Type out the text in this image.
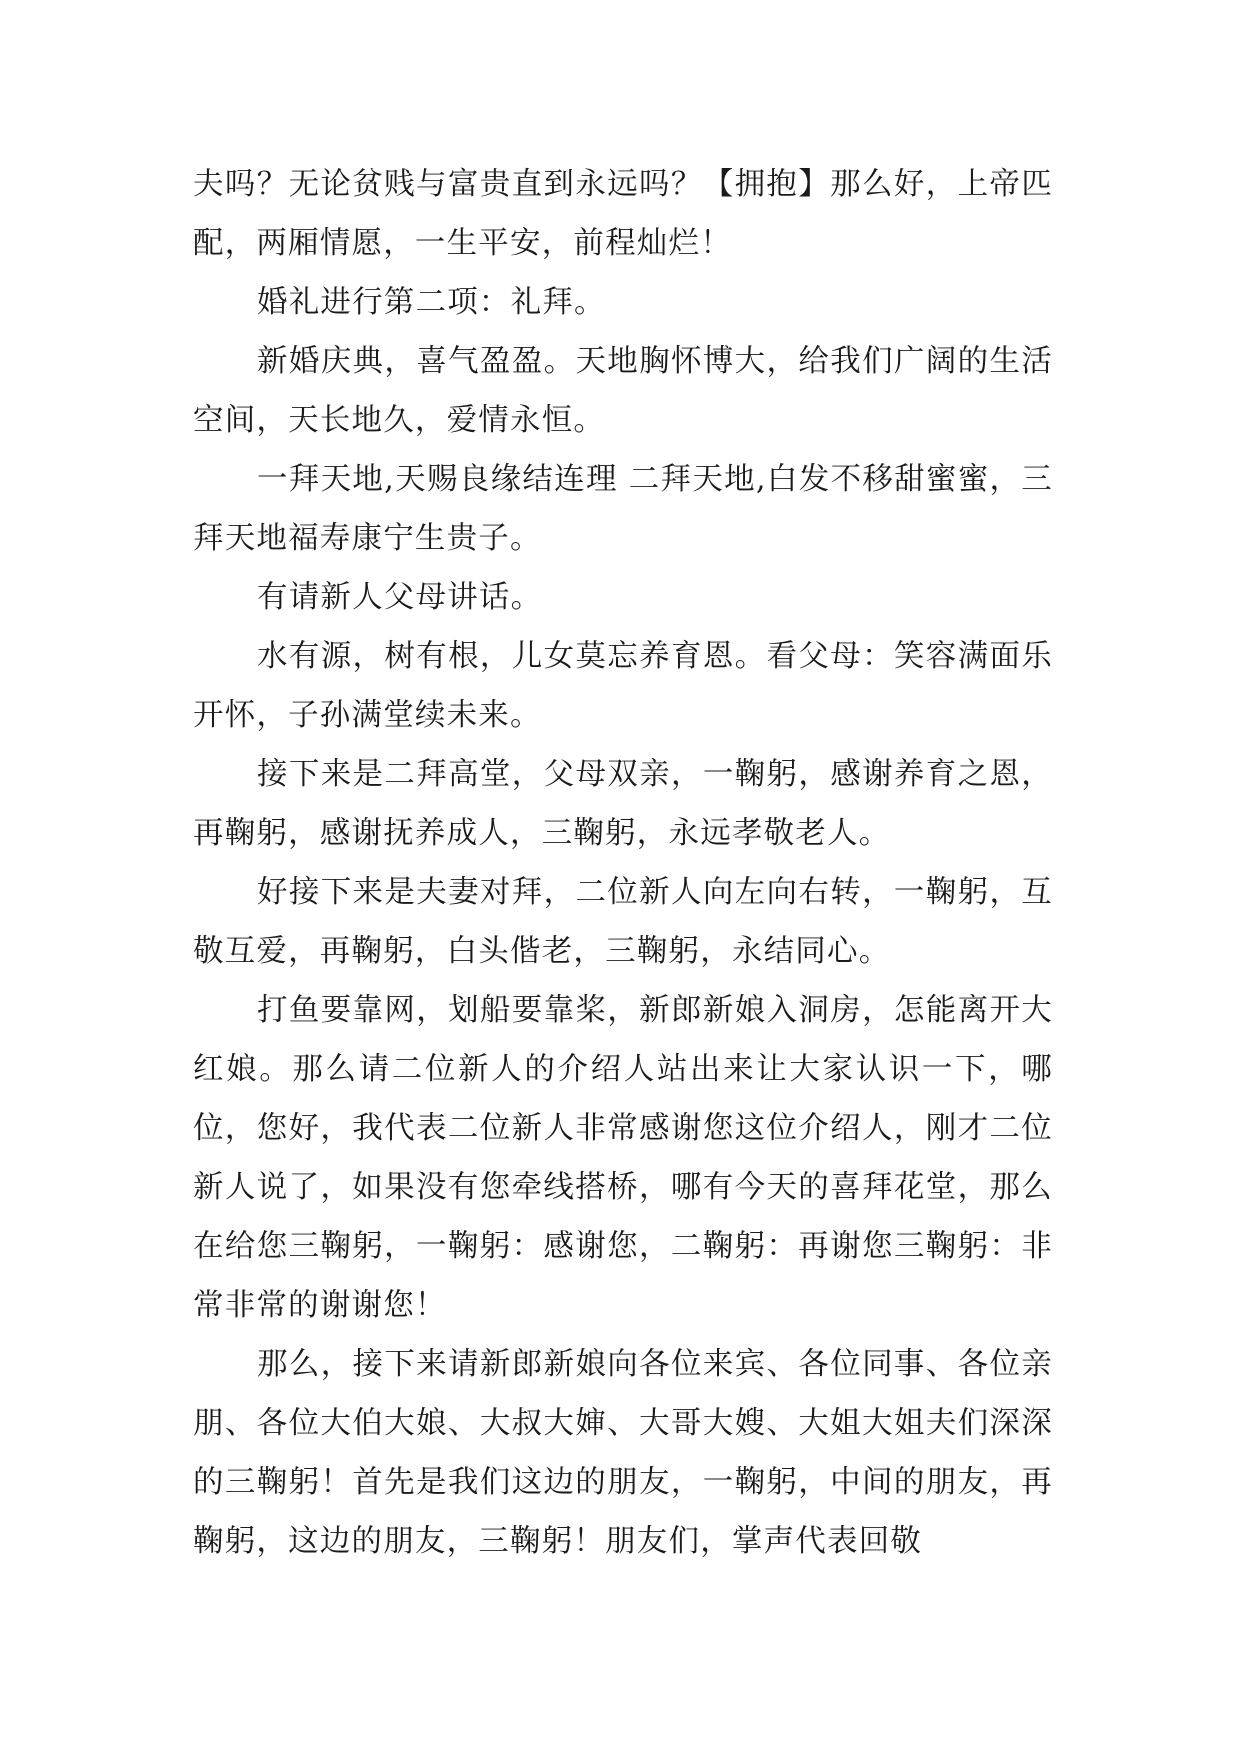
夫吗？无论贫贱与富贵直到永远吗？【拥抱】那么好，上帝匹配，两厢情愿，一生平安，前程灿烂！

婚礼进行第二项：礼拜。

新婚庆典，喜气盈盈。天地胸怀博大，给我们广阔的生活空间，天长地久，爱情永恒。

一拜天地,天赐良缘结连理 二拜天地,白发不移甜蜜蜜，三拜天地福寿康宁生贵子。

有请新人父母讲话。

水有源，树有根，儿女莫忘养育恩。看父母：笑容满面乐开怀，子孙满堂续未来。

接下来是二拜高堂，父母双亲，一鞠躬，感谢养育之恩，再鞠躬，感谢抚养成人，三鞠躬，永远孝敬老人。

好接下来是夫妻对拜，二位新人向左向右转，一鞠躬，互敬互爱，再鞠躬，白头偕老，三鞠躬，永结同心。

打鱼要靠网，划船要靠桨，新郎新娘入洞房，怎能离开大红娘。那么请二位新人的介绍人站出来让大家认识一下，哪位，您好，我代表二位新人非常感谢您这位介绍人，刚才二位新人说了，如果没有您牵线搭桥，哪有今天的喜拜花堂，那么在给您三鞠躬，一鞠躬：感谢您，二鞠躬：再谢您三鞠躬：非常非常的谢谢您！

那么，接下来请新郎新娘向各位来宾、各位同事、各位亲朋、各位大伯大娘、大叔大婶、大哥大嫂、大姐大姐夫们深深的三鞠躬！首先是我们这边的朋友，一鞠躬，中间的朋友，再鞠躬，这边的朋友，三鞠躬！朋友们，掌声代表回敬
